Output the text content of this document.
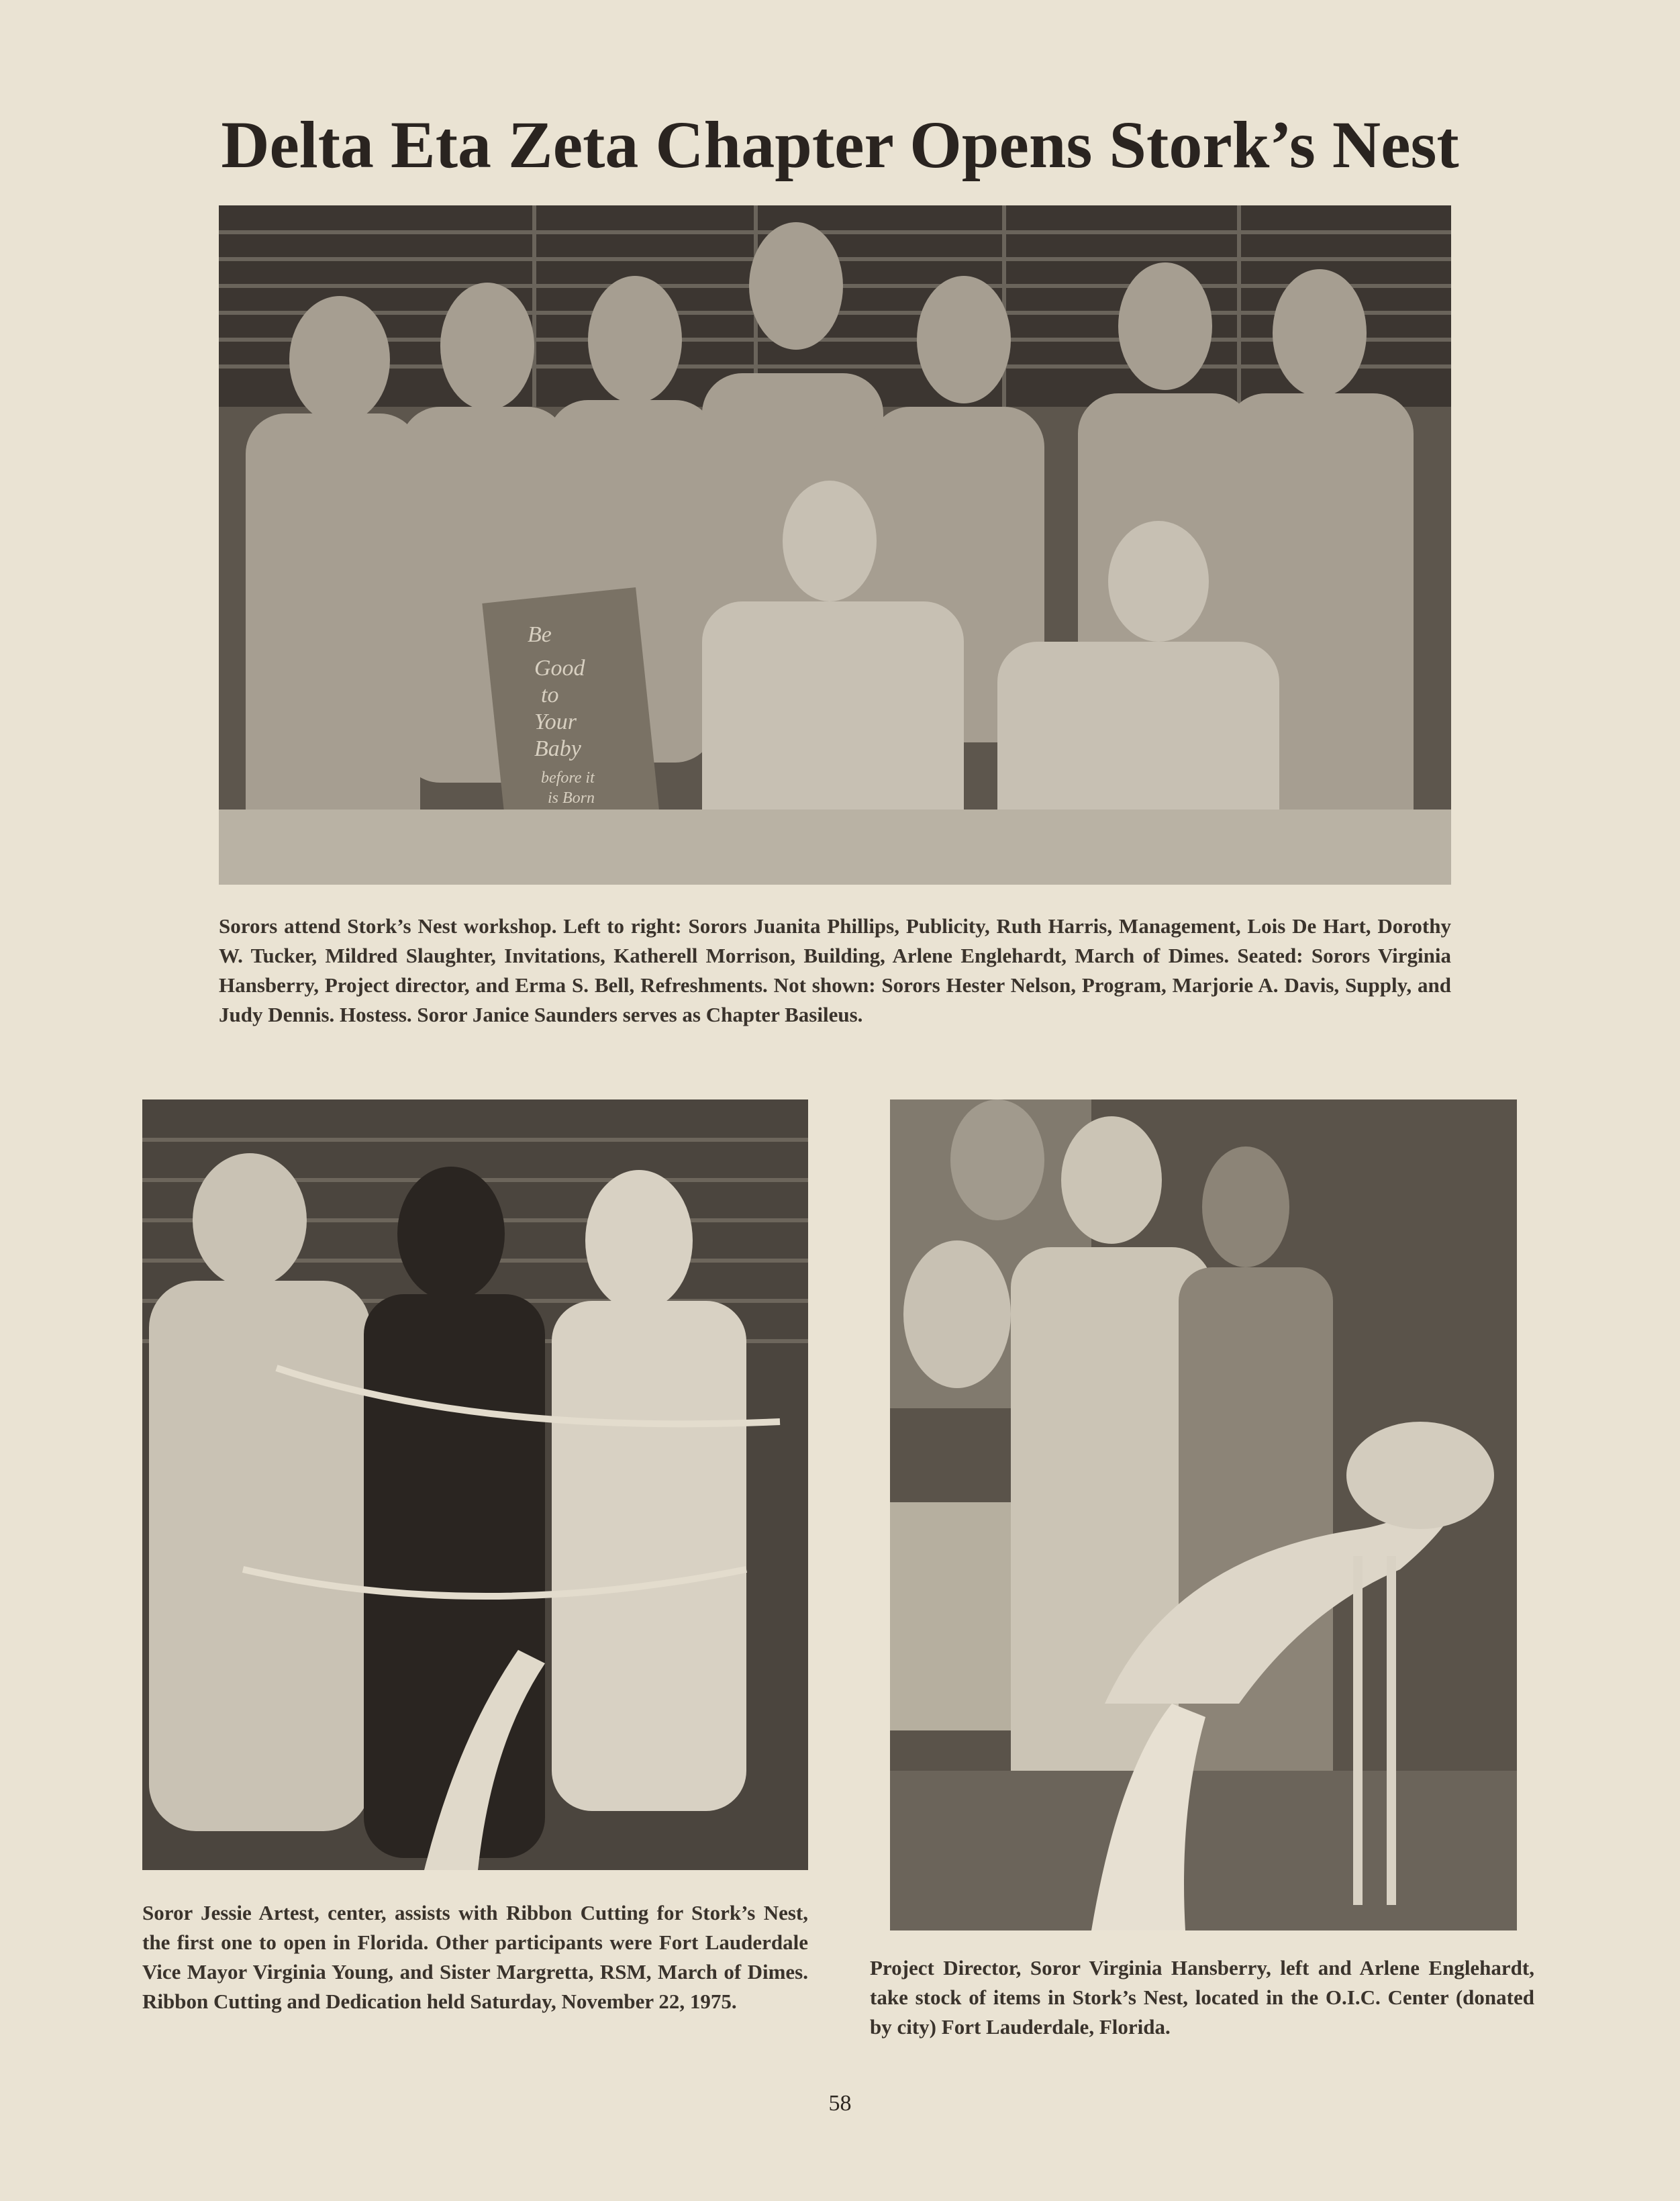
Delta Eta Zeta Chapter Opens Stork’s Nest
Be
Good
to
Your
Baby
before it
is Born

Sorors attend Stork’s Nest workshop. Left to right: Sorors Juanita Phillips, Publicity, Ruth Harris, Management, Lois De Hart, Dorothy W. Tucker, Mildred Slaughter, Invitations, Katherell Morrison, Building, Arlene Englehardt, March of Dimes. Seated: Sorors Virginia Hansberry, Project director, and Erma S. Bell, Refreshments. Not shown: Sorors Hester Nelson, Program, Marjorie A. Davis, Supply, and Judy Dennis. Hostess. Soror Janice Saunders serves as Chapter Basileus.

Soror Jessie Artest, center, assists with Ribbon Cutting for Stork’s Nest, the first one to open in Florida. Other participants were Fort Lauderdale Vice Mayor Virginia Young, and Sister Margretta, RSM, March of Dimes. Ribbon Cutting and Dedication held Saturday, November 22, 1975.

Project Director, Soror Virginia Hansberry, left and Arlene Englehardt, take stock of items in Stork’s Nest, located in the O.I.C. Center (donated by city) Fort Lauderdale, Florida.

58
